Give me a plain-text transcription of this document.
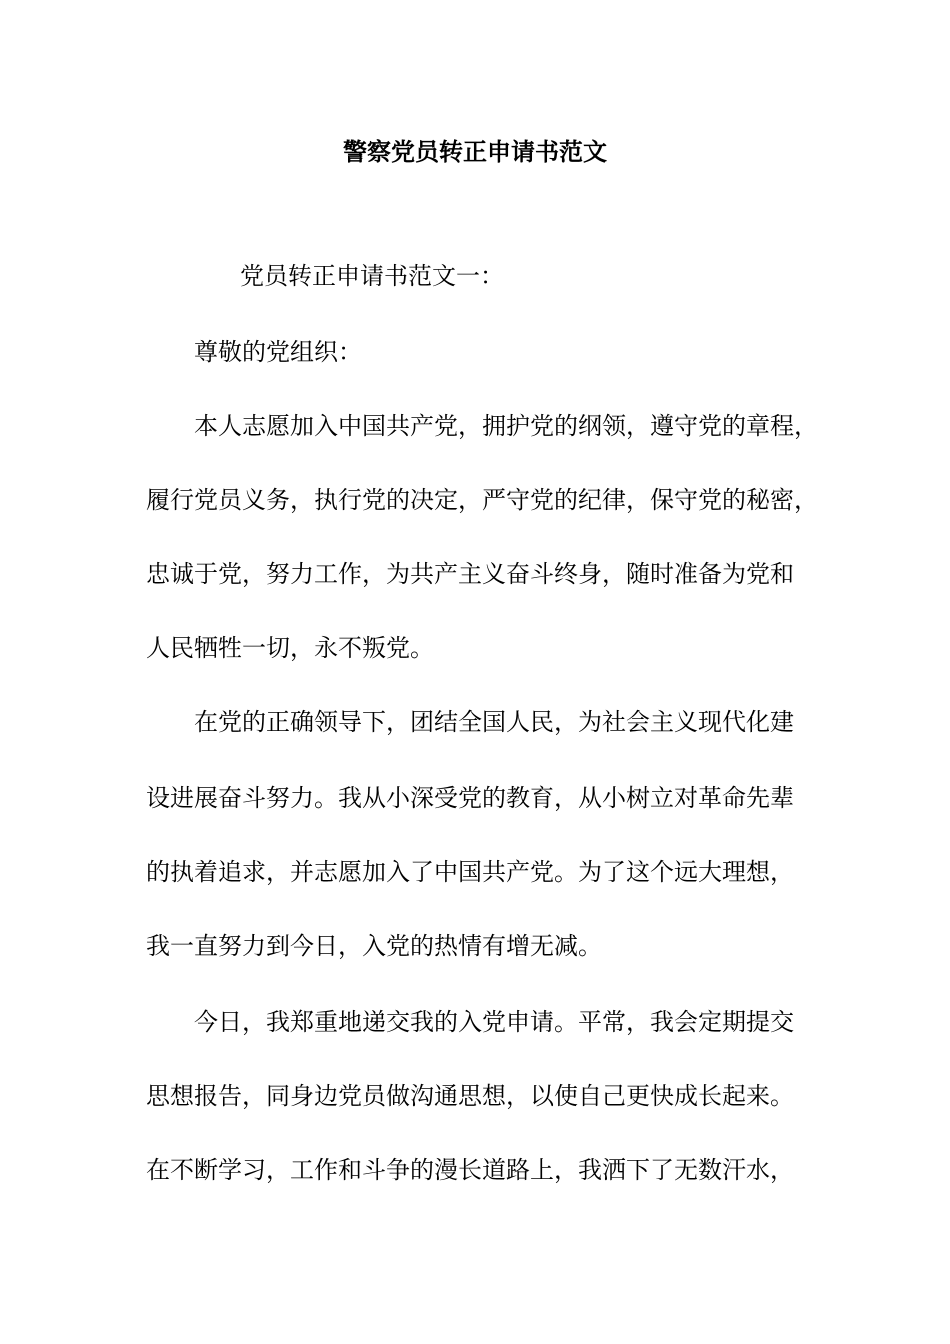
警察党员转正申请书范文
党员转正申请书范文一：
尊敬的党组织：
本人志愿加入中国共产党，拥护党的纲领，遵守党的章程，
履行党员义务，执行党的决定，严守党的纪律，保守党的秘密，
忠诚于党，努力工作，为共产主义奋斗终身，随时准备为党和
人民牺牲一切，永不叛党。
在党的正确领导下，团结全国人民，为社会主义现代化建
设进展奋斗努力。我从小深受党的教育，从小树立对革命先辈
的执着追求，并志愿加入了中国共产党。为了这个远大理想，
我一直努力到今日，入党的热情有增无减。
今日，我郑重地递交我的入党申请。平常，我会定期提交
思想报告，同身边党员做沟通思想，以使自己更快成长起来。
在不断学习，工作和斗争的漫长道路上，我洒下了无数汗水，
